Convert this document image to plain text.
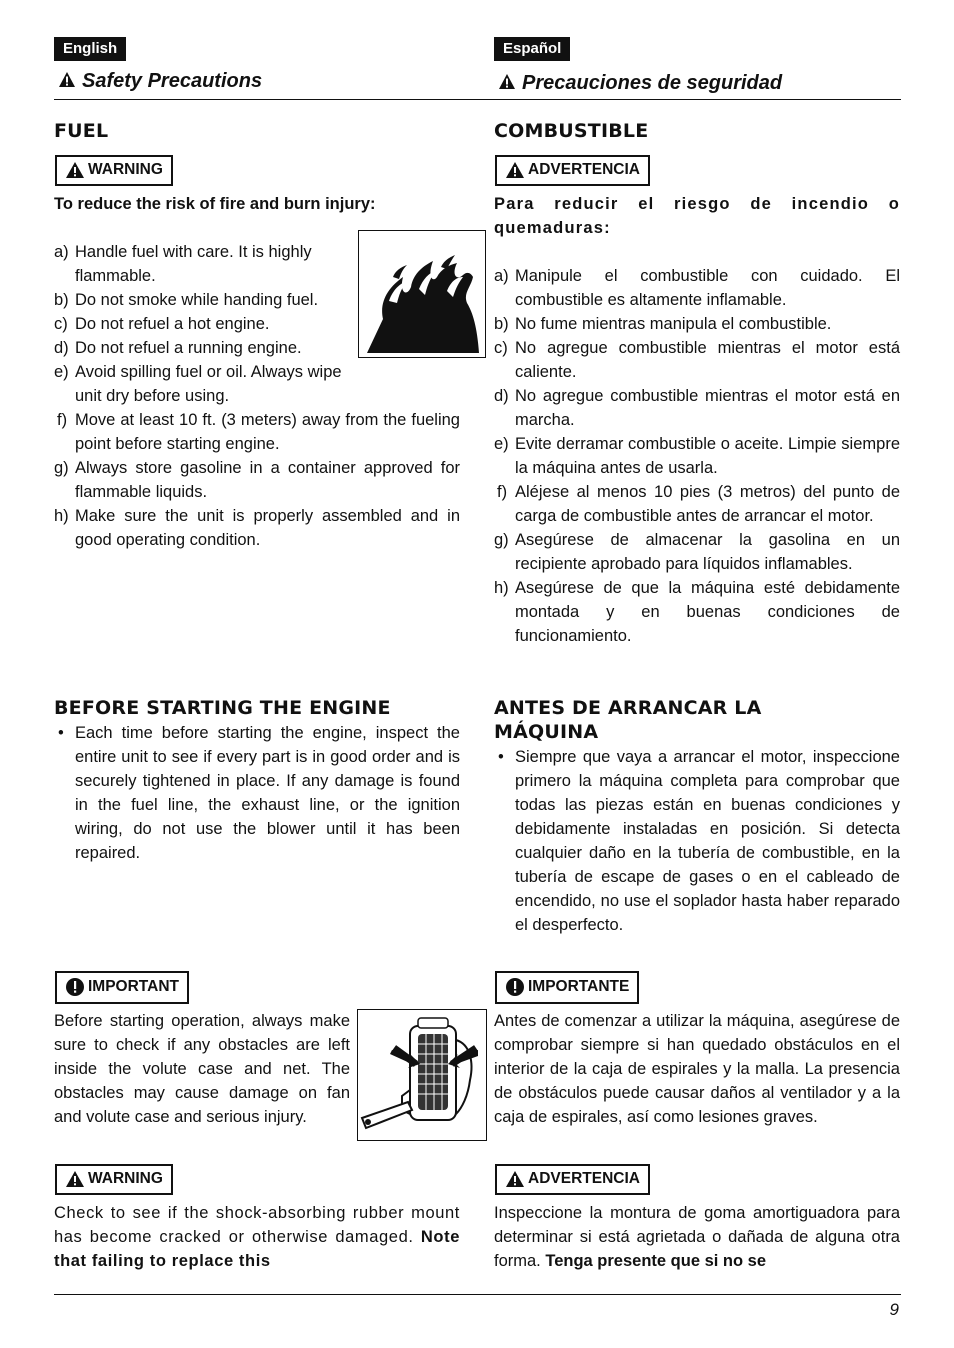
English	Español
Safety Precautions	Precauciones de seguridad
FUEL
WARNING
To reduce the risk of fire and burn injury:
a) Handle fuel with care. It is highly flammable.
b) Do not smoke while handing fuel.
c) Do not refuel a hot engine.
d) Do not refuel a running engine.
e) Avoid spilling fuel or oil. Always wipe unit dry before using.
f) Move at least 10 ft. (3 meters) away from the fueling point before starting engine.
g) Always store gasoline in a container approved for flammable liquids.
h) Make sure the unit is properly assembled and in good operating condition.
BEFORE STARTING THE ENGINE
• Each time before starting the engine, inspect the entire unit to see if every part is in good order and is securely tightened in place. If any damage is found in the fuel line, the exhaust line, or the ignition wiring, do not use the blower until it has been repaired.
IMPORTANT
Before starting operation, always make sure to check if any obstacles are left inside the volute case and net. The obstacles may cause damage on fan and volute case and serious injury.
WARNING
Check to see if the shock-absorbing rubber mount has become cracked or otherwise damaged. Note that failing to replace this
COMBUSTIBLE
ADVERTENCIA
Para reducir el riesgo de incendio o quemaduras:
a) Manipule el combustible con cuidado. El combustible es altamente inflamable.
b) No fume mientras manipula el combustible.
c) No agregue combustible mientras el motor está caliente.
d) No agregue combustible mientras el motor está en marcha.
e) Evite derramar combustible o aceite. Limpie siempre la máquina antes de usarla.
f) Aléjese al menos 10 pies (3 metros) del punto de carga de combustible antes de arrancar el motor.
g) Asegúrese de almacenar la gasolina en un recipiente aprobado para líquidos inflamables.
h) Asegúrese de que la máquina esté debidamente montada y en buenas condiciones de funcionamiento.
ANTES DE ARRANCAR LA
MÁQUINA
• Siempre que vaya a arrancar el motor, inspeccione primero la máquina completa para comprobar que todas las piezas están en buenas condiciones y debidamente instaladas en posición. Si detecta cualquier daño en la tubería de combustible, en la tubería de escape de gases o en el cableado de encendido, no use el soplador hasta haber reparado el desperfecto.
IMPORTANTE
Antes de comenzar a utilizar la máquina, asegúrese de comprobar siempre si han quedado obstáculos en el interior de la caja de espirales y la malla. La presencia de obstáculos puede causar daños al ventilador y a la caja de espirales, así como lesiones graves.
ADVERTENCIA
Inspeccione la montura de goma amortiguadora para determinar si está agrietada o dañada de alguna otra forma. Tenga presente que si no se
9
